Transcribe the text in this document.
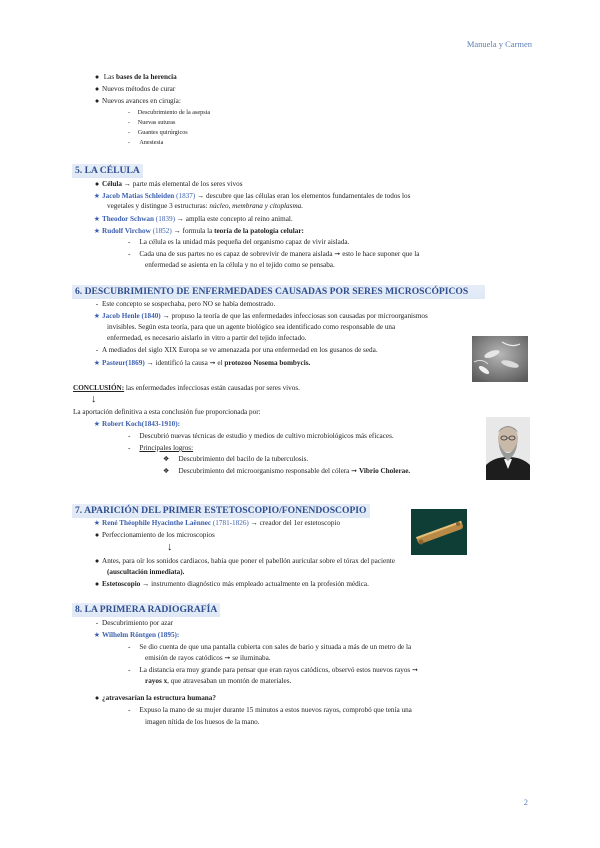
Manuela y Carmen
● Las bases de la herencia
● Nuevos métodos de curar
● Nuevos avances en cirugía:
- Descubrimiento de la asepsia
- Nuevas suturas
- Guantes quirúrgicos
- Anestesia
5. LA CÉLULA
● Célula → parte más elemental de los seres vivos
★ Jacob Matias Schleiden (1837) → descubre que las células eran los elementos fundamentales de todos los
vegetales y distingue 3 estructuras: núcleo, membrana y citoplasma.
★ Theodor Schwan (1839) → amplía este concepto al reino animal.
★ Rudolf Virchow (1852) → formula la teoría de la patología celular:
- La célula es la unidad más pequeña del organismo capaz de vivir aislada.
- Cada una de sus partes no es capaz de sobrevivir de manera aislada ➞ esto le hace suponer que la
enfermedad se asienta en la célula y no el tejido como se pensaba.
6. DESCUBRIMIENTO DE ENFERMEDADES CAUSADAS POR SERES MICROSCÓPICOS
- Este concepto se sospechaba, pero NO se había demostrado.
★ Jacob Henle (1840) → propuso la teoría de que las enfermedades infecciosas son causadas por microorganismos
invisibles. Según esta teoría, para que un agente biológico sea identificado como responsable de una
enfermedad, es necesario aislarlo in vitro a partir del tejido infectado.
- A mediados del siglo XIX Europa se ve amenazada por una enfermedad en los gusanos de seda.
★ Pasteur(1869) → identificó la causa ➞ el protozoo Nosema bombycis.
CONCLUSIÓN: las enfermedades infecciosas están causadas por seres vivos.
↓
La aportación definitiva a esta conclusión fue proporcionada por:
★ Robert Koch(1843-1910):
- Descubrió nuevas técnicas de estudio y medios de cultivo microbiológicos más eficaces.
- Principales logros:
❖ Descubrimiento del bacilo de la tuberculosis.
❖ Descubrimiento del microorganismo responsable del cólera ➞ Vibrio Cholerae.
7. APARICIÓN DEL PRIMER ESTETOSCOPIO/FONENDOSCOPIO
★ René Théophile Hyacinthe Laënnec (1781-1826) → creador del 1er estetoscopio
● Perfeccionamiento de los microscopios
↓
● Antes, para oír los sonidos cardiacos, había que poner el pabellón auricular sobre el tórax del paciente
(auscultación inmediata).
● Estetoscopio → instrumento diagnóstico más empleado actualmente en la profesión médica.
8. LA PRIMERA RADIOGRAFÍA
- Descubrimiento por azar
★ Wilhelm Röntgen (1895):
- Se dio cuenta de que una pantalla cubierta con sales de bario y situada a más de un metro de la
emisión de rayos catódicos ➞ se iluminaba.
- La distancia era muy grande para pensar que eran rayos catódicos, observó estos nuevos rayos ➞
rayos x, que atravesaban un montón de materiales.
● ¿atravesarían la estructura humana?
- Expuso la mano de su mujer durante 15 minutos a estos nuevos rayos, comprobó que tenía una
imagen nítida de los huesos de la mano.
2
